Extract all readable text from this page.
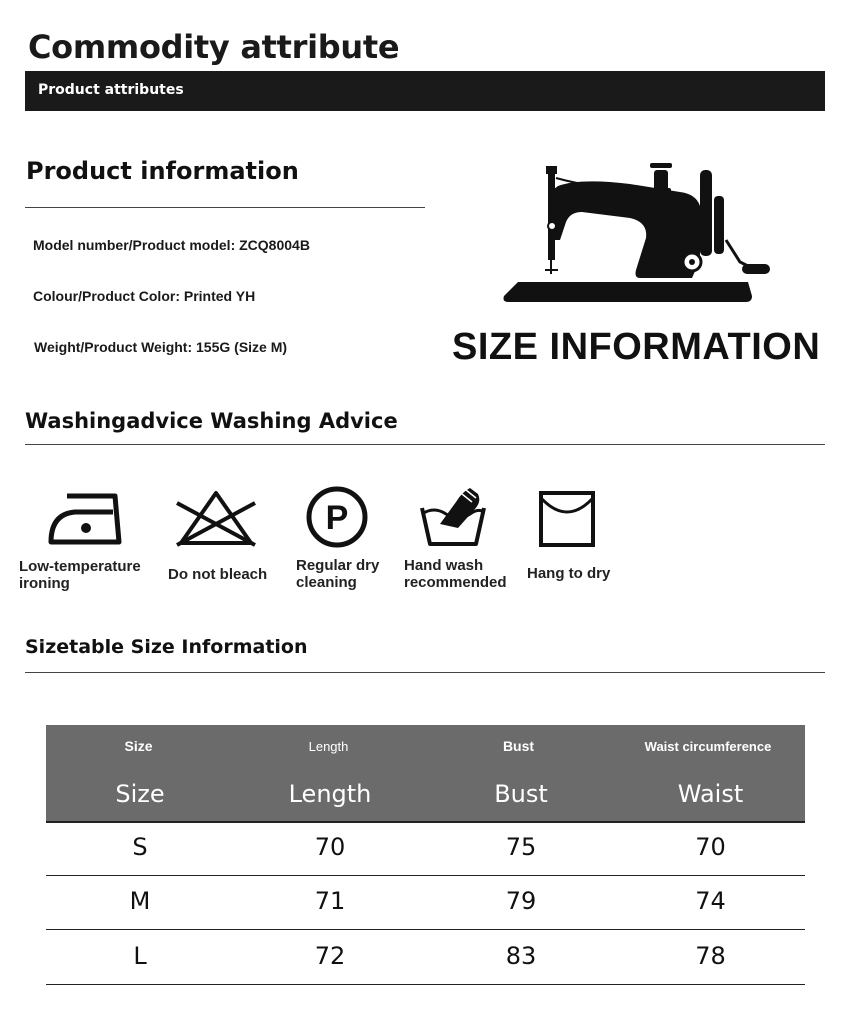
Commodity attribute
Product attributes
Product information
Model number/Product model: ZCQ8004B
Colour/Product Color: Printed YH
Weight/Product Weight: 155G (Size M)	SIZE INFORMATION
Washingadvice Washing Advice
Low-temperature
ironing
Do not bleach
P
Regular dry
cleaning
Hand wash
recommended
Hang to dry
Sizetable Size Information
Size	Length	Bust	Waist circumference
Size	Length	Bust	Waist
S	70	75	70
M	71	79	74
L	72	83	78
